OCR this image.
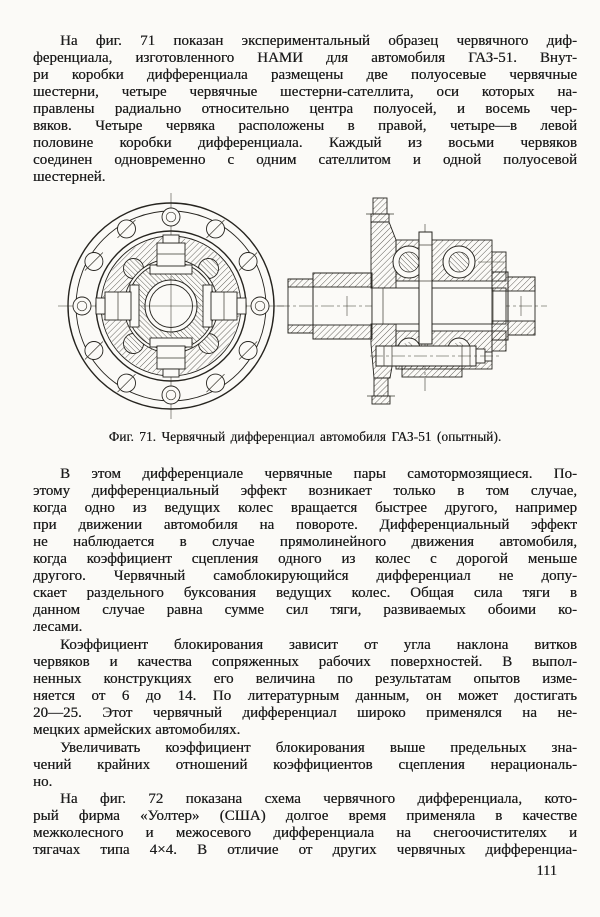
На фиг. 71 показан экспериментальный образец червячного диф-
ференциала, изготовленного НАМИ для автомобиля ГАЗ-51. Внут-
ри коробки дифференциала размещены две полуосевые червячные
шестерни, четыре червячные шестерни-сателлита, оси которых на-
правлены радиально относительно центра полуосей, и восемь чер-
вяков. Четыре червяка расположены в правой, четыре—в левой
половине коробки дифференциала. Каждый из восьми червяков
соединен одновременно с одним сателлитом и одной полуосевой
шестерней.
Фиг. 71. Червячный дифференциал автомобиля ГАЗ-51 (опытный).
В этом дифференциале червячные пары самотормозящиеся. По-
этому дифференциальный эффект возникает только в том случае,
когда одно из ведущих колес вращается быстрее другого, например
при движении автомобиля на повороте. Дифференциальный эффект
не наблюдается в случае прямолинейного движения автомобиля,
когда коэффициент сцепления одного из колес с дорогой меньше
другого. Червячный самоблокирующийся дифференциал не допу-
скает раздельного буксования ведущих колес. Общая сила тяги в
данном случае равна сумме сил тяги, развиваемых обоими ко-
лесами.
Коэффициент блокирования зависит от угла наклона витков
червяков и качества сопряженных рабочих поверхностей. В выпол-
ненных конструкциях его величина по результатам опытов изме-
няется от 6 до 14. По литературным данным, он может достигать
20—25. Этот червячный дифференциал широко применялся на не-
мецких армейских автомобилях.
Увеличивать коэффициент блокирования выше предельных зна-
чений крайних отношений коэффициентов сцепления нерациональ-
но.
На фиг. 72 показана схема червячного дифференциала, кото-
рый фирма «Уолтер» (США) долгое время применяла в качестве
межколесного и межосевого дифференциала на снегоочистителях и
тягачах типа 4×4. В отличие от других червячных дифференциа-
111
